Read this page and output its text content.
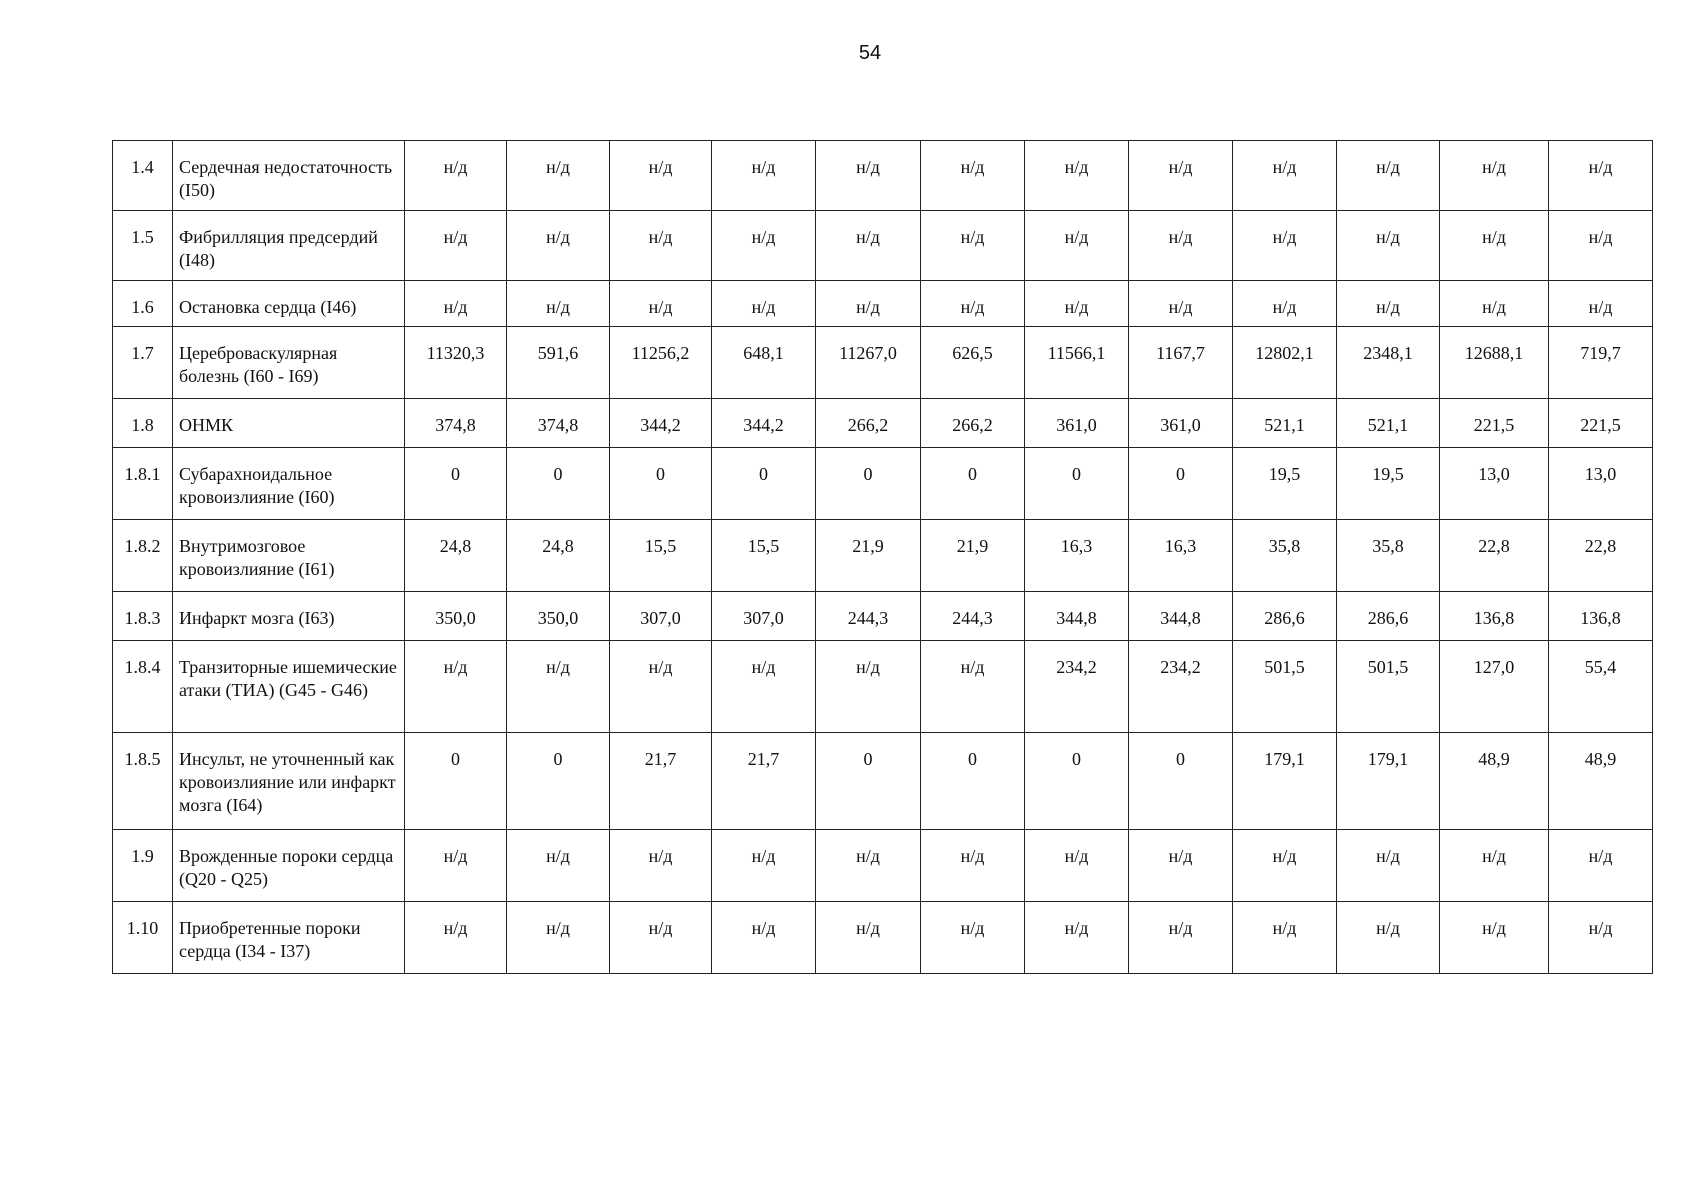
54
1.4	Сердечная недостаточность (I50)	н/д	н/д	н/д	н/д	н/д	н/д	н/д	н/д	н/д	н/д	н/д	н/д
1.5	Фибрилляция предсердий (I48)	н/д	н/д	н/д	н/д	н/д	н/д	н/д	н/д	н/д	н/д	н/д	н/д
1.6	Остановка сердца (I46)	н/д	н/д	н/д	н/д	н/д	н/д	н/д	н/д	н/д	н/д	н/д	н/д
1.7	Цереброваскулярная болезнь (I60 - I69)	11320,3	591,6	11256,2	648,1	11267,0	626,5	11566,1	1167,7	12802,1	2348,1	12688,1	719,7
1.8	ОНМК	374,8	374,8	344,2	344,2	266,2	266,2	361,0	361,0	521,1	521,1	221,5	221,5
1.8.1	Субарахноидальное кровоизлияние (I60)	0	0	0	0	0	0	0	0	19,5	19,5	13,0	13,0
1.8.2	Внутримозговое кровоизлияние (I61)	24,8	24,8	15,5	15,5	21,9	21,9	16,3	16,3	35,8	35,8	22,8	22,8
1.8.3	Инфаркт мозга (I63)	350,0	350,0	307,0	307,0	244,3	244,3	344,8	344,8	286,6	286,6	136,8	136,8
1.8.4	Транзиторные ишемические атаки (ТИА) (G45 - G46)	н/д	н/д	н/д	н/д	н/д	н/д	234,2	234,2	501,5	501,5	127,0	55,4
1.8.5	Инсульт, не уточненный как кровоизлияние или инфаркт мозга (I64)	0	0	21,7	21,7	0	0	0	0	179,1	179,1	48,9	48,9
1.9	Врожденные пороки сердца (Q20 - Q25)	н/д	н/д	н/д	н/д	н/д	н/д	н/д	н/д	н/д	н/д	н/д	н/д
1.10	Приобретенные пороки сердца (I34 - I37)	н/д	н/д	н/д	н/д	н/д	н/д	н/д	н/д	н/д	н/д	н/д	н/д
